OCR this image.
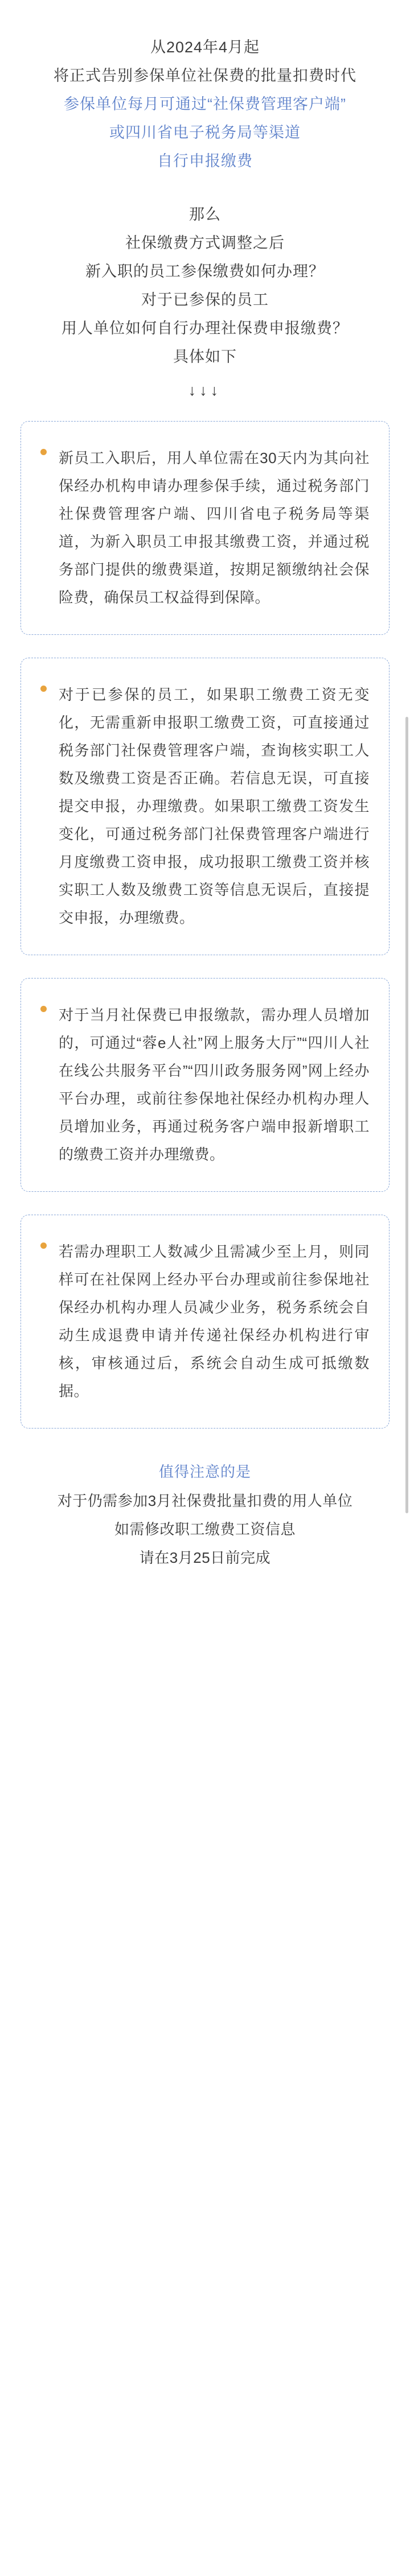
从2024年4月起
将正式告别参保单位社保费的批量扣费时代
参保单位每月可通过“社保费管理客户端”
或四川省电子税务局等渠道
自行申报缴费
那么
社保缴费方式调整之后
新入职的员工参保缴费如何办理？
对于已参保的员工
用人单位如何自行办理社保费申报缴费？
具体如下
↓↓↓
新员工入职后，用人单位需在30天内为其向社保经办机构申请办理参保手续，通过税务部门社保费管理客户端、四川省电子税务局等渠道，为新入职员工申报其缴费工资，并通过税务部门提供的缴费渠道，按期足额缴纳社会保险费，确保员工权益得到保障。
对于已参保的员工，如果职工缴费工资无变化，无需重新申报职工缴费工资，可直接通过税务部门社保费管理客户端，查询核实职工人数及缴费工资是否正确。若信息无误，可直接提交申报，办理缴费。如果职工缴费工资发生变化，可通过税务部门社保费管理客户端进行月度缴费工资申报，成功报职工缴费工资并核实职工人数及缴费工资等信息无误后，直接提交申报，办理缴费。
对于当月社保费已申报缴款，需办理人员增加的，可通过“蓉e人社”网上服务大厅”“四川人社在线公共服务平台”“四川政务服务网”网上经办平台办理，或前往参保地社保经办机构办理人员增加业务，再通过税务客户端申报新增职工的缴费工资并办理缴费。
若需办理职工人数减少且需减少至上月，则同样可在社保网上经办平台办理或前往参保地社保经办机构办理人员减少业务，税务系统会自动生成退费申请并传递社保经办机构进行审核，审核通过后，系统会自动生成可抵缴数据。
值得注意的是
对于仍需参加3月社保费批量扣费的用人单位
如需修改职工缴费工资信息
请在3月25日前完成
